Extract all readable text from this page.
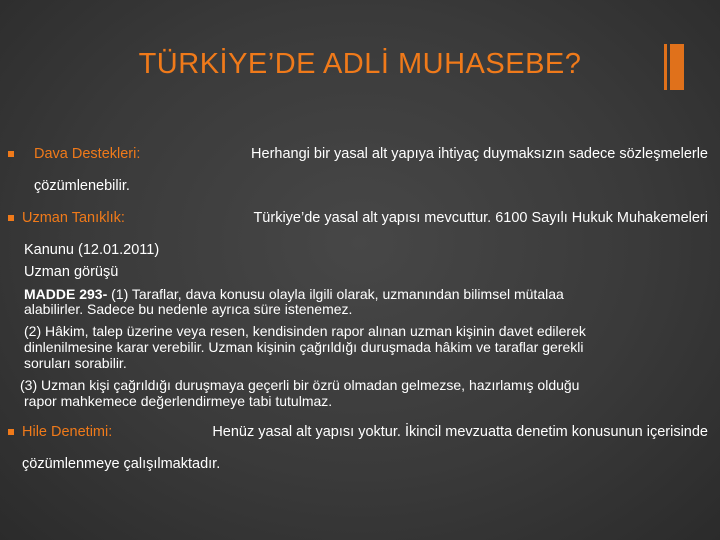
TÜRKİYE’DE ADLİ MUHASEBE?
Dava Destekleri:	Herhangi bir yasal alt yapıya ihtiyaç duymaksızın sadece sözleşmelerle
çözümlenebilir.
Uzman Tanıklık:	Türkiye’de yasal alt yapısı mevcuttur. 6100 Sayılı Hukuk Muhakemeleri
Kanunu (12.01.2011)
Uzman görüşü
MADDE 293- (1) Taraflar, dava konusu olayla ilgili olarak, uzmanından bilimsel mütalaa
alabilirler. Sadece bu nedenle ayrıca süre istenemez.
(2) Hâkim, talep üzerine veya resen, kendisinden rapor alınan uzman kişinin davet edilerek
dinlenilmesine karar verebilir. Uzman kişinin çağrıldığı duruşmada hâkim ve taraflar gerekli
soruları sorabilir.
(3) Uzman kişi çağrıldığı duruşmaya geçerli bir özrü olmadan gelmezse, hazırlamış olduğu
rapor mahkemece değerlendirmeye tabi tutulmaz.
Hile Denetimi:	Henüz yasal alt yapısı yoktur. İkincil mevzuatta denetim konusunun içerisinde
çözümlenmeye çalışılmaktadır.
